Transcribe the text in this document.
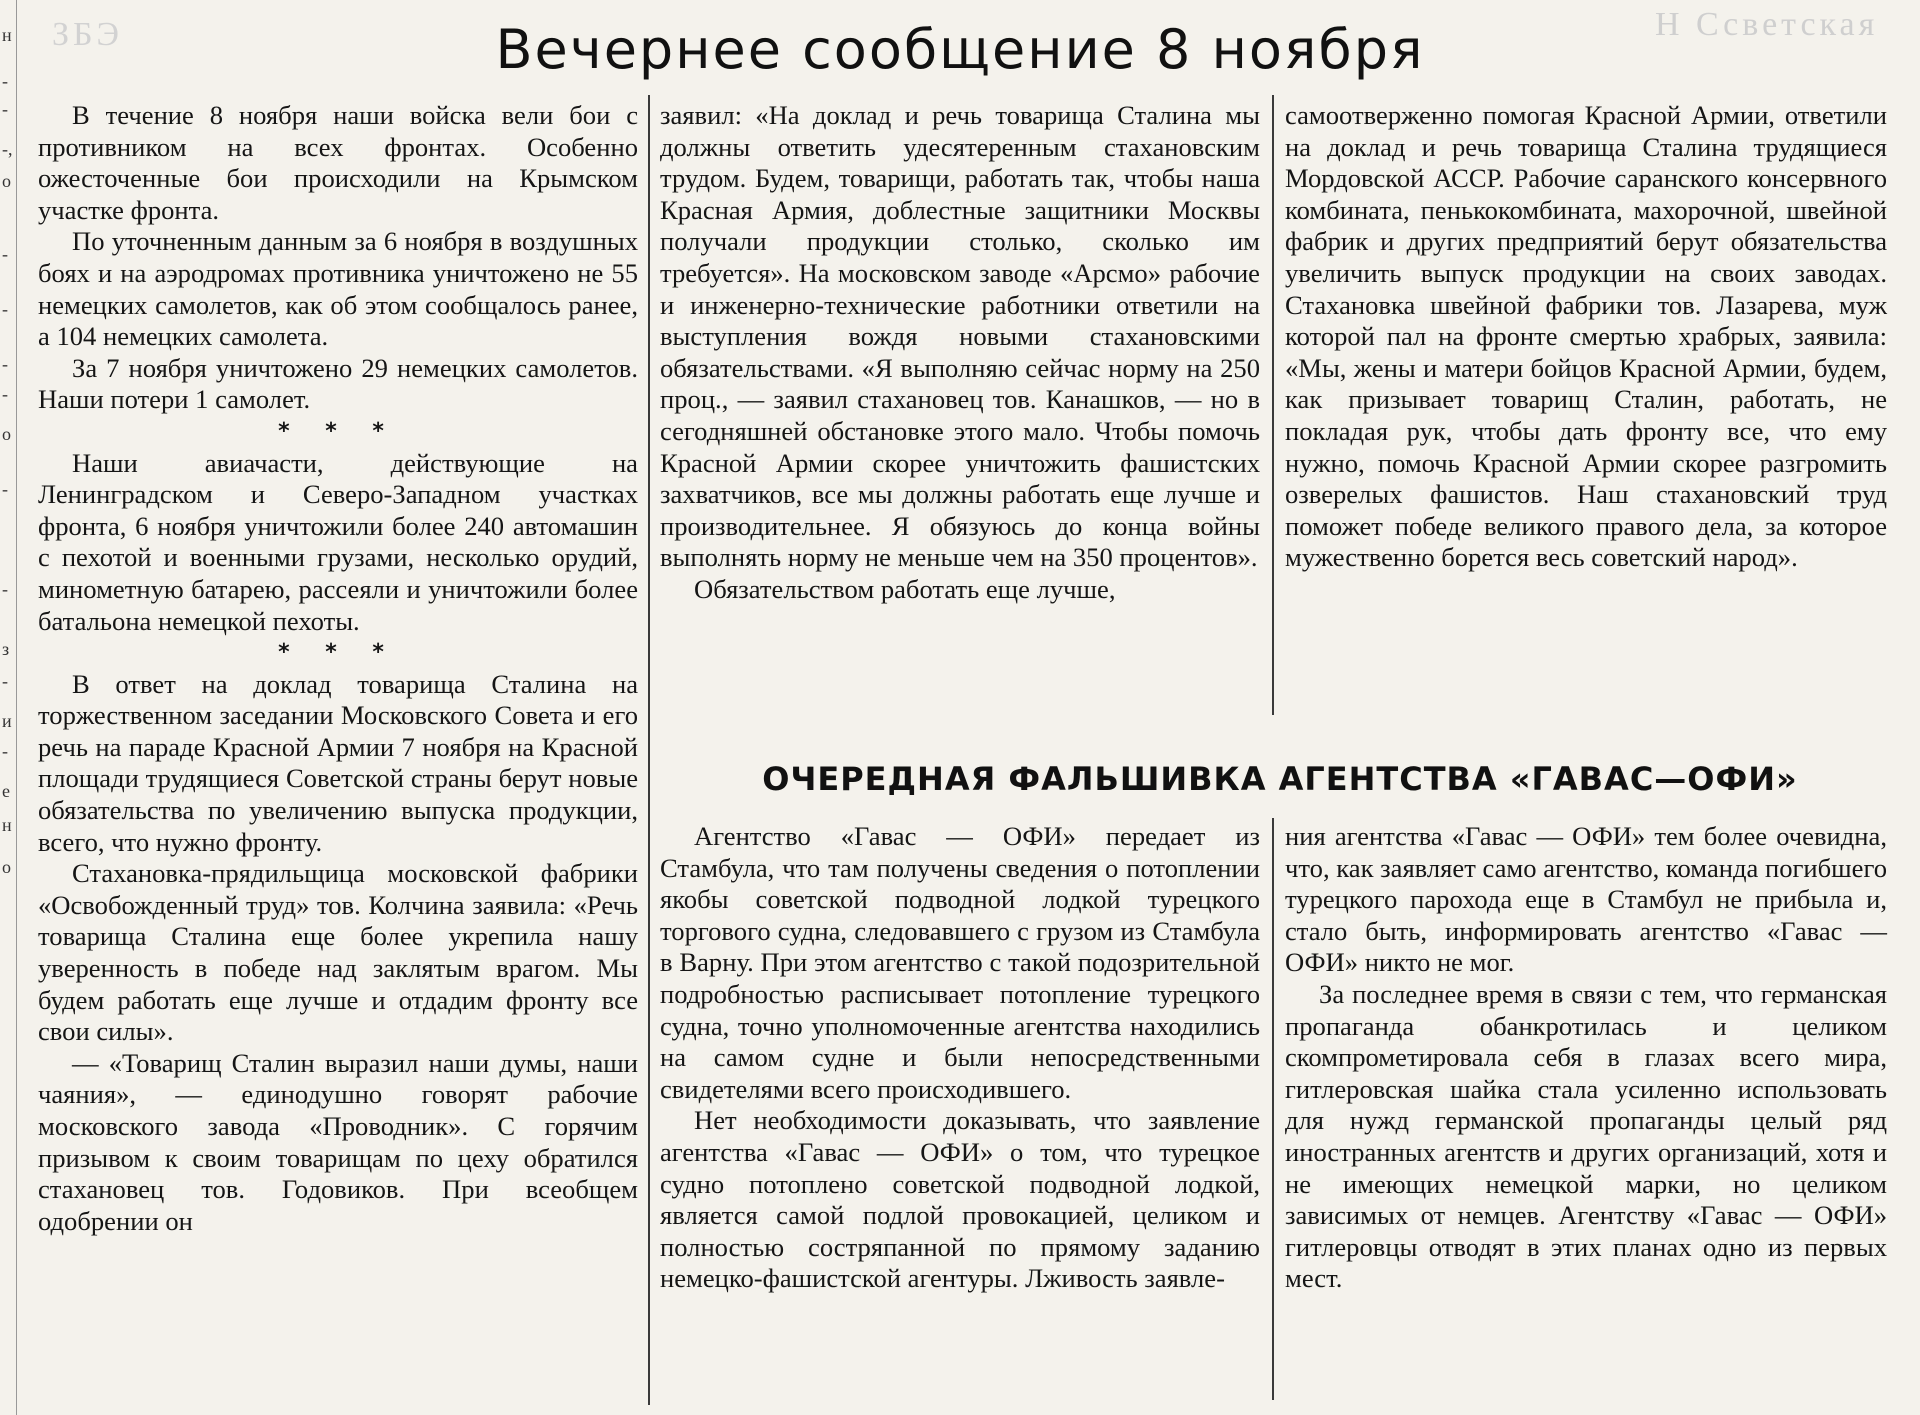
н
-
-
-,
о
-
-
-
-
о
-
-
з
-
и
-
е
н
о
ЗБЭ	Н Ссветская
Вечернее сообщение 8 ноября

В течение 8 ноября наши войска вели бои с противником на всех фронтах. Особенно ожесточенные бои происходили на Крымском участке фронта.

По уточненным данным за 6 ноября в воздушных боях и на аэродромах противника уничтожено не 55 немецких самолетов, как об этом сообщалось ранее, а 104 немецких самолета.

За 7 ноября уничтожено 29 немецких самолетов. Наши потери 1 самолет.

* * *

Наши авиачасти, действующие на Ленинградском и Северо-Западном участках фронта, 6 ноября уничтожили более 240 автомашин с пехотой и военными грузами, несколько орудий, минометную батарею, рассеяли и уничтожили более батальона немецкой пехоты.

* * *

В ответ на доклад товарища Сталина на торжественном заседании Московского Совета и его речь на параде Красной Армии 7 ноября на Красной площади трудящиеся Советской страны берут новые обязательства по увеличению выпуска продукции, всего, что нужно фронту.

Стахановка-прядильщица московской фабрики «Освобожденный труд» тов. Колчина заявила: «Речь товарища Сталина еще более укрепила нашу уверенность в победе над заклятым врагом. Мы будем работать еще лучше и отдадим фронту все свои силы».

— «Товарищ Сталин выразил наши думы, наши чаяния», — единодушно говорят рабочие московского завода «Проводник». С горячим призывом к своим товарищам по цеху обратился стахановец тов. Годовиков. При всеобщем одобрении он

заявил: «На доклад и речь товарища Сталина мы должны ответить удесятеренным стахановским трудом. Будем, товарищи, работать так, чтобы наша Красная Армия, доблестные защитники Москвы получали продукции столько, сколько им требуется». На московском заводе «Арсмо» рабочие и инженерно-технические работники ответили на выступления вождя новыми стахановскими обязательствами. «Я выполняю сейчас норму на 250 проц., — заявил стахановец тов. Канашков, — но в сегодняшней обстановке этого мало. Чтобы помочь Красной Армии скорее уничтожить фашистских захватчиков, все мы должны работать еще лучше и производительнее. Я обязуюсь до конца войны выполнять норму не меньше чем на 350 процентов».

Обязательством работать еще лучше,

самоотверженно помогая Красной Армии, ответили на доклад и речь товарища Сталина трудящиеся Мордовской АССР. Рабочие саранского консервного комбината, пенькокомбината, махорочной, швейной фабрик и других предприятий берут обязательства увеличить выпуск продукции на своих заводах. Стахановка швейной фабрики тов. Лазарева, муж которой пал на фронте смертью храбрых, заявила: «Мы, жены и матери бойцов Красной Армии, будем, как призывает товарищ Сталин, работать, не покладая рук, чтобы дать фронту все, что ему нужно, помочь Красной Армии скорее разгромить озверелых фашистов. Наш стахановский труд поможет победе великого правого дела, за которое мужественно борется весь советский народ».

ОЧЕРЕДНАЯ ФАЛЬШИВКА АГЕНТСТВА «ГАВАС—ОФИ»

Агентство «Гавас — ОФИ» передает из Стамбула, что там получены сведения о потоплении якобы советской подводной лодкой турецкого торгового судна, следовавшего с грузом из Стамбула в Варну. При этом агентство с такой подозрительной подробностью расписывает потопление турецкого судна, точно уполномоченные агентства находились на самом судне и были непосредственными свидетелями всего происходившего.

Нет необходимости доказывать, что заявление агентства «Гавас — ОФИ» о том, что турецкое судно потоплено советской подводной лодкой, является самой подлой провокацией, целиком и полностью состряпанной по прямому заданию немецко-фашистской агентуры. Лживость заявле-

ния агентства «Гавас — ОФИ» тем более очевидна, что, как заявляет само агентство, команда погибшего турецкого парохода еще в Стамбул не прибыла и, стало быть, информировать агентство «Гавас — ОФИ» никто не мог.

За последнее время в связи с тем, что германская пропаганда обанкротилась и целиком скомпрометировала себя в глазах всего мира, гитлеровская шайка стала усиленно использовать для нужд германской пропаганды целый ряд иностранных агентств и других организаций, хотя и не имеющих немецкой марки, но целиком зависимых от немцев. Агентству «Гавас — ОФИ» гитлеровцы отводят в этих планах одно из первых мест.
